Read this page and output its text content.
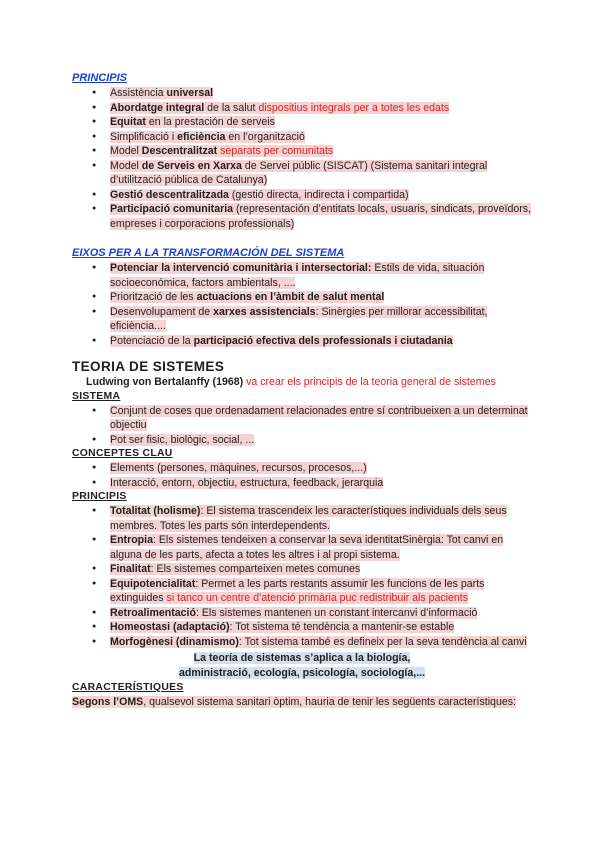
PRINCIPIS
● Assistència universal
● Abordatge integral de la salut dispositius integrals per a totes les edats
● Equitat en la prestación de serveis
● Simplificació i eficiència en l’organització
● Model Descentralitzat separats per comunitats
● Model de Serveis en Xarxa de Servei públic (SISCAT) (Sistema sanitari integral d’utilització pública de Catalunya)
● Gestió descentralitzada (gestió directa, indirecta i compartida)
● Participació comunitaria (representación d’entitats locals, usuaris, sindicats, proveïdors, empreses i corporacions professionals)
EIXOS PER A LA TRANSFORMACIÓN DEL SISTEMA
● Potenciar la intervenció comunitària i intersectorial: Estils de vida, situación socioeconómica, factors ambientals, ....
● Priorització de les actuacions en l’àmbit de salut mental
● Desenvolupament de xarxes assistencials: Sinèrgies per millorar accessibilitat, eficiència....
● Potenciació de la participació efectiva dels professionals i ciutadania
TEORIA DE SISTEMES
Ludwing von Bertalanffy (1968) va crear els principis de la teoria general de sistemes
SISTEMA
● Conjunt de coses que ordenadament relacionades entre sí contribueixen a un determinat objectiu
● Pot ser fisic, biològic, social, ...
CONCEPTES CLAU
● Elements (persones, màquines, recursos, procesos,...)
● Interacció, entorn, objectiu, estructura, feedback, jerarquia
PRINCIPIS
● Totalitat (holisme): El sistema trascendeix les característiques individuals dels seus membres. Totes les parts són interdependents.
● Entropia: Els sistemes tendeixen a conservar la seva identitatSinèrgia: Tot canvi en alguna de les parts, afecta a totes les altres i al propi sistema.
● Finalitat: Els sistemes comparteixen metes comunes
● Equipotencialitat: Permet a les parts restants assumir les funcions de les parts extinguides si tanco un centre d’atenció primària puc redistribuir als pacients
● Retroalimentació: Els sistemes mantenen un constant intercanvi d’informació
● Homeostasi (adaptació): Tot sistema té tendència a mantenir-se estable
● Morfogènesi (dinamismo): Tot sistema també es defineix per la seva tendència al canvi
La teoría de sistemas s’aplica a la biología,
administració, ecología, psicología, sociología,...
CARACTERÍSTIQUES
Segons l’OMS, qualsevol sistema sanitari òptim, hauria de tenir les següents característiques:
